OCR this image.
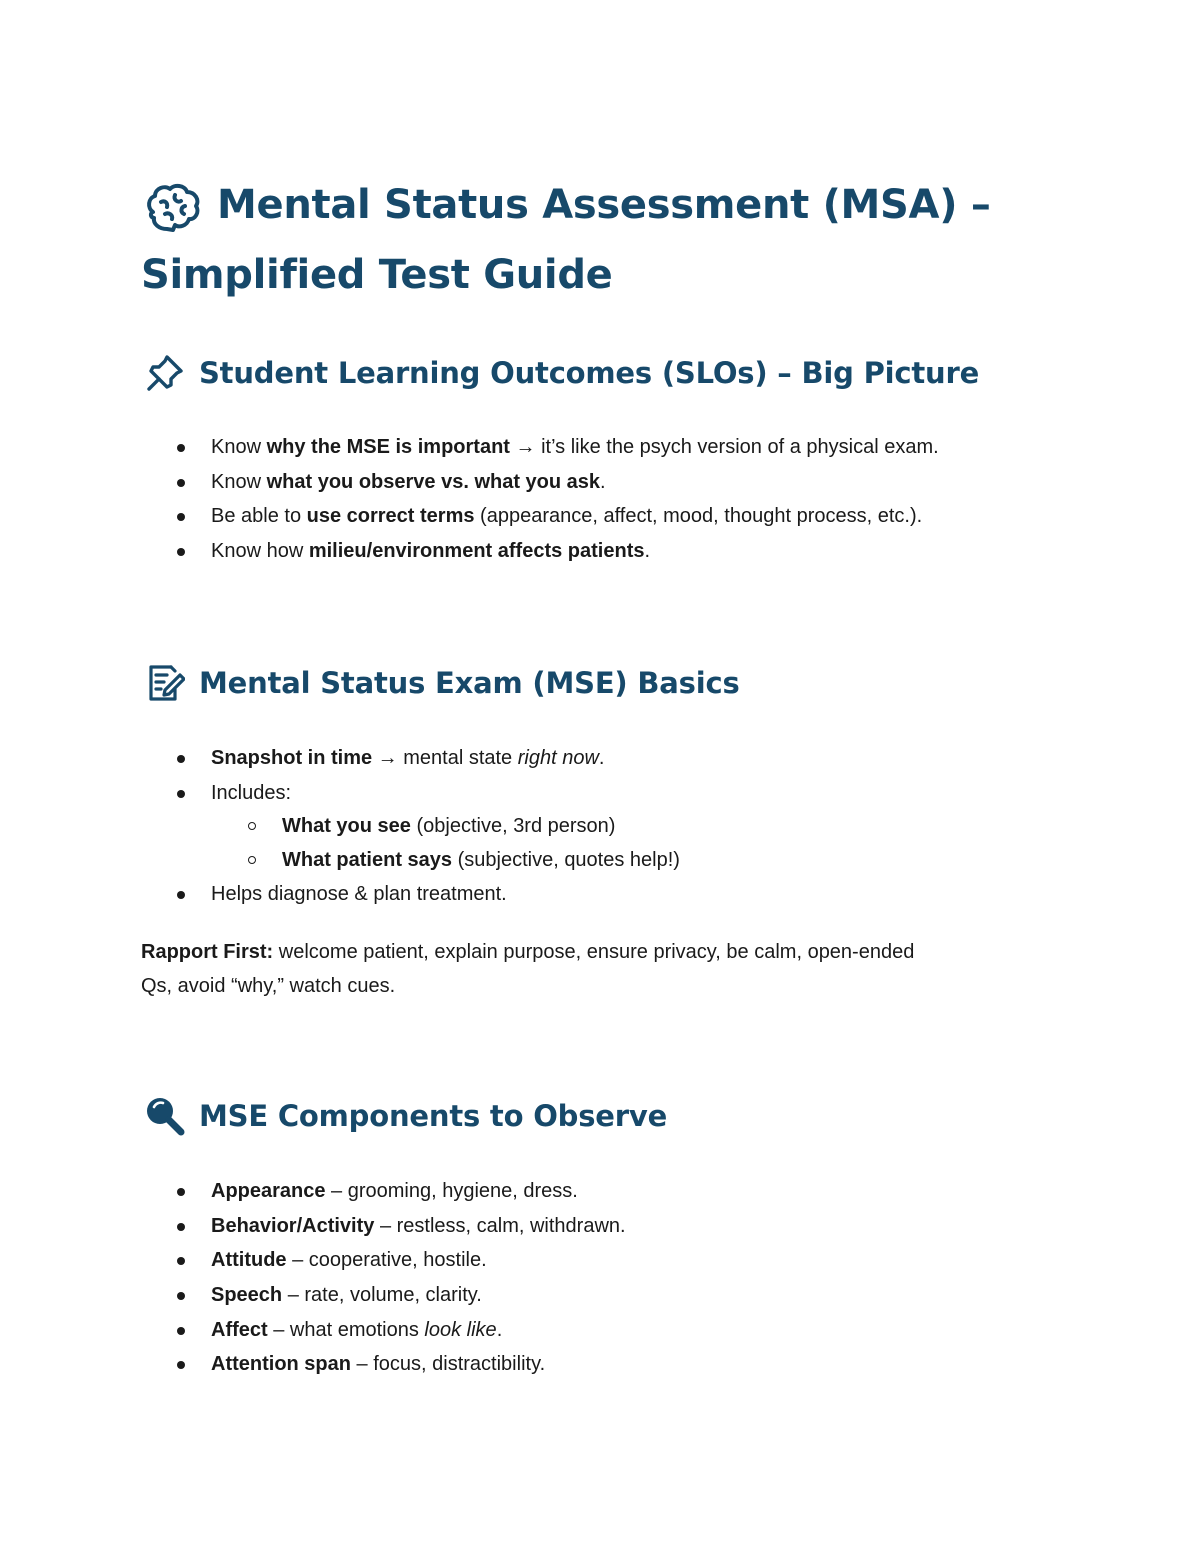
Mental Status Assessment (MSA) –
Simplified Test Guide
Student Learning Outcomes (SLOs) – Big Picture
Know why the MSE is important → it’s like the psych version of a physical exam.
Know what you observe vs. what you ask.
Be able to use correct terms (appearance, affect, mood, thought process, etc.).
Know how milieu/environment affects patients.
Mental Status Exam (MSE) Basics
Snapshot in time → mental state right now.
Includes:
What you see (objective, 3rd person)
What patient says (subjective, quotes help!)
Helps diagnose & plan treatment.
Rapport First: welcome patient, explain purpose, ensure privacy, be calm, open-ended
Qs, avoid “why,” watch cues.
MSE Components to Observe
Appearance – grooming, hygiene, dress.
Behavior/Activity – restless, calm, withdrawn.
Attitude – cooperative, hostile.
Speech – rate, volume, clarity.
Affect – what emotions look like.
Attention span – focus, distractibility.
